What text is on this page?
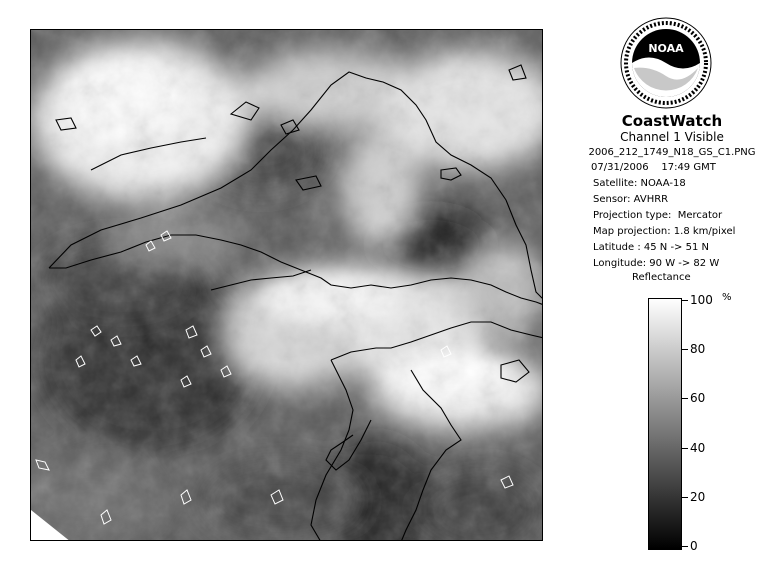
NOAA
CoastWatch
Channel 1 Visible
2006_212_1749_N18_GS_C1.PNG
07/31/2006    17:49 GMT
Satellite: NOAA-18
Sensor: AVHRR
Projection type:  Mercator
Map projection: 1.8 km/pixel
Latitude : 45 N -> 51 N
Longitude: 90 W -> 82 W
Reflectance
%
100
80
60
40
20
0
